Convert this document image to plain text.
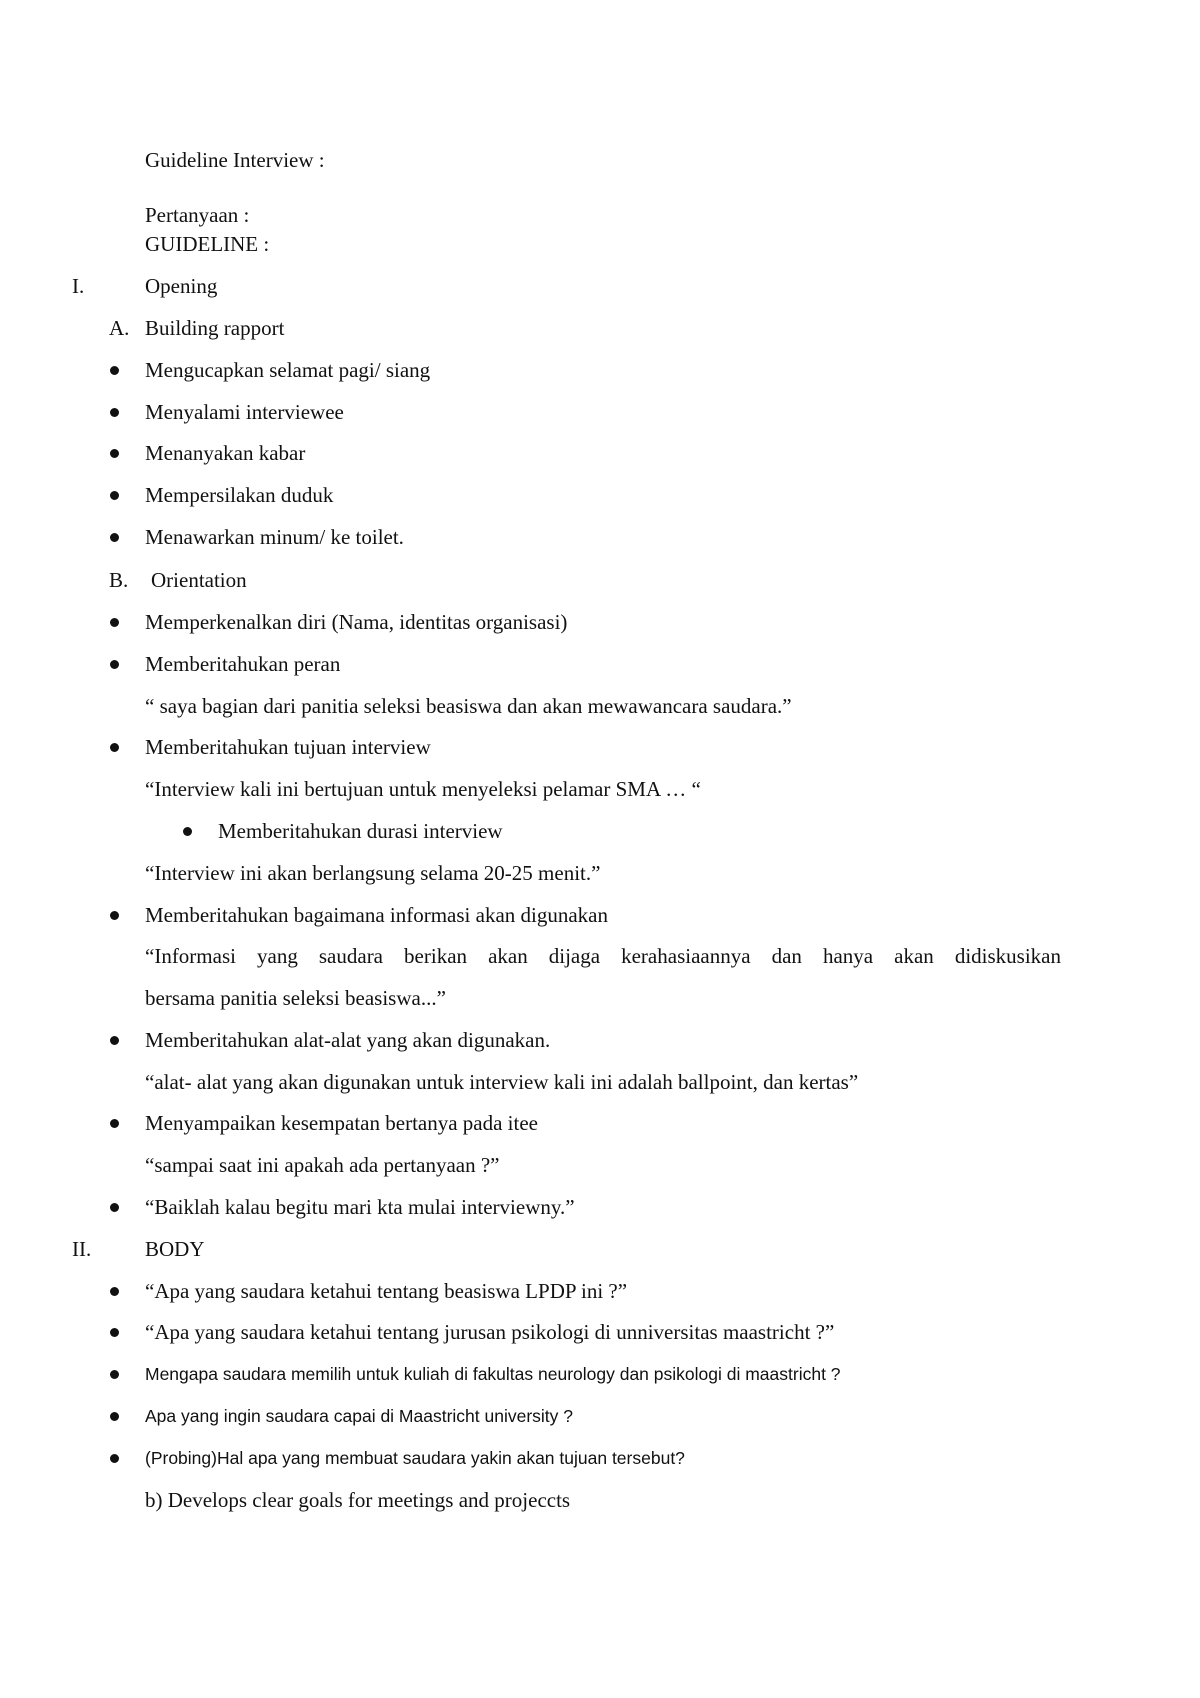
Guideline Interview :
Pertanyaan :
GUIDELINE :
I.	Opening
A. Building rapport
Mengucapkan selamat pagi/ siang
Menyalami interviewee
Menanyakan kabar
Mempersilakan duduk
Menawarkan minum/ ke toilet.
B. Orientation
Memperkenalkan diri (Nama, identitas organisasi)
Memberitahukan peran
“ saya bagian dari panitia seleksi beasiswa dan akan mewawancara saudara.”
Memberitahukan tujuan interview
“Interview kali ini bertujuan untuk menyeleksi pelamar SMA … “
Memberitahukan durasi interview
“Interview ini akan berlangsung selama 20-25 menit.”
Memberitahukan bagaimana informasi akan digunakan
“Informasi yang saudara berikan akan dijaga kerahasiaannya dan hanya akan didiskusikan
bersama panitia seleksi beasiswa...”
Memberitahukan alat-alat yang akan digunakan.
“alat- alat yang akan digunakan untuk interview kali ini adalah ballpoint, dan kertas”
Menyampaikan kesempatan bertanya pada itee
“sampai saat ini apakah ada pertanyaan ?”
“Baiklah kalau begitu mari kta mulai interviewny.”
II.	BODY
“Apa yang saudara ketahui tentang beasiswa LPDP ini ?”
“Apa yang saudara ketahui tentang jurusan psikologi di unniversitas maastricht ?”
Mengapa saudara memilih untuk kuliah di fakultas neurology dan psikologi di maastricht ?
Apa yang ingin saudara capai di Maastricht university ?
(Probing)Hal apa yang membuat saudara yakin akan tujuan tersebut?
b) Develops clear goals for meetings and projeccts
